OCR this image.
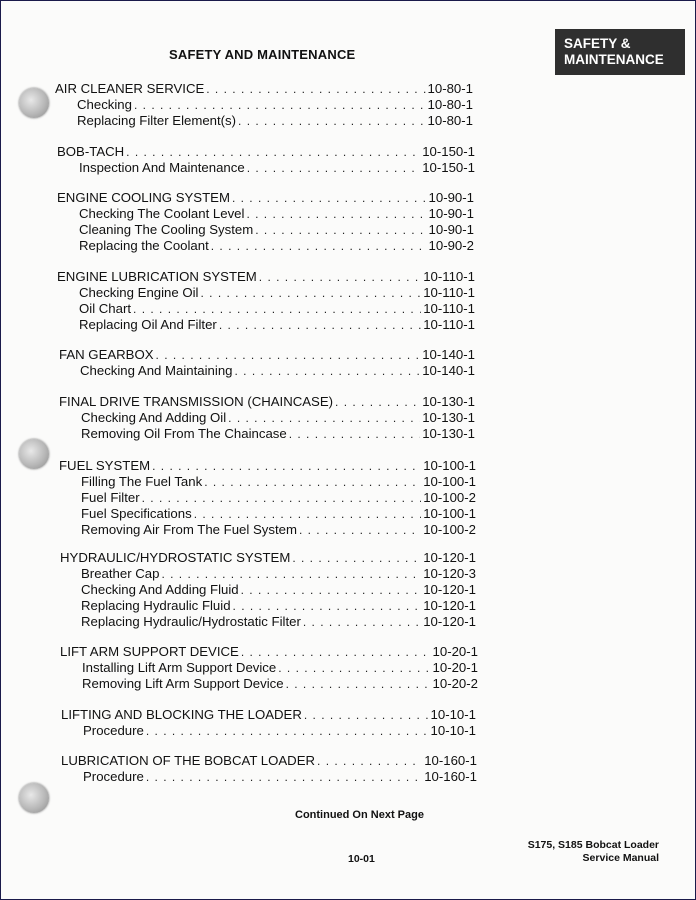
SAFETY AND MAINTENANCE
SAFETY &
MAINTENANCE
AIR CLEANER SERVICE . . .	10-80-1
Checking . . .	10-80-1
Replacing Filter Element(s) . . .	10-80-1
BOB-TACH . . .	10-150-1
Inspection And Maintenance . . .	10-150-1
ENGINE COOLING SYSTEM . . .	10-90-1
Checking The Coolant Level . . .	10-90-1
Cleaning The Cooling System . . .	10-90-1
Replacing the Coolant . . .	10-90-2
ENGINE LUBRICATION SYSTEM . . .	10-110-1
Checking Engine Oil . . .	10-110-1
Oil Chart . . .	10-110-1
Replacing Oil And Filter . . .	10-110-1
FAN GEARBOX . . .	10-140-1
Checking And Maintaining . . .	10-140-1
FINAL DRIVE TRANSMISSION (CHAINCASE) . . .	10-130-1
Checking And Adding Oil . . .	10-130-1
Removing Oil From The Chaincase . . .	10-130-1
FUEL SYSTEM . . .	10-100-1
Filling The Fuel Tank . . .	10-100-1
Fuel Filter . . .	10-100-2
Fuel Specifications . . .	10-100-1
Removing Air From The Fuel System . . .	10-100-2
HYDRAULIC/HYDROSTATIC SYSTEM . . .	10-120-1
Breather Cap . . .	10-120-3
Checking And Adding Fluid . . .	10-120-1
Replacing Hydraulic Fluid . . .	10-120-1
Replacing Hydraulic/Hydrostatic Filter . . .	10-120-1
LIFT ARM SUPPORT DEVICE . . .	10-20-1
Installing Lift Arm Support Device . . .	10-20-1
Removing Lift Arm Support Device . . .	10-20-2
LIFTING AND BLOCKING THE LOADER . . .	10-10-1
Procedure . . .	10-10-1
LUBRICATION OF THE BOBCAT LOADER . . .	10-160-1
Procedure . . .	10-160-1
Continued On Next Page
10-01
S175, S185 Bobcat Loader
Service Manual
